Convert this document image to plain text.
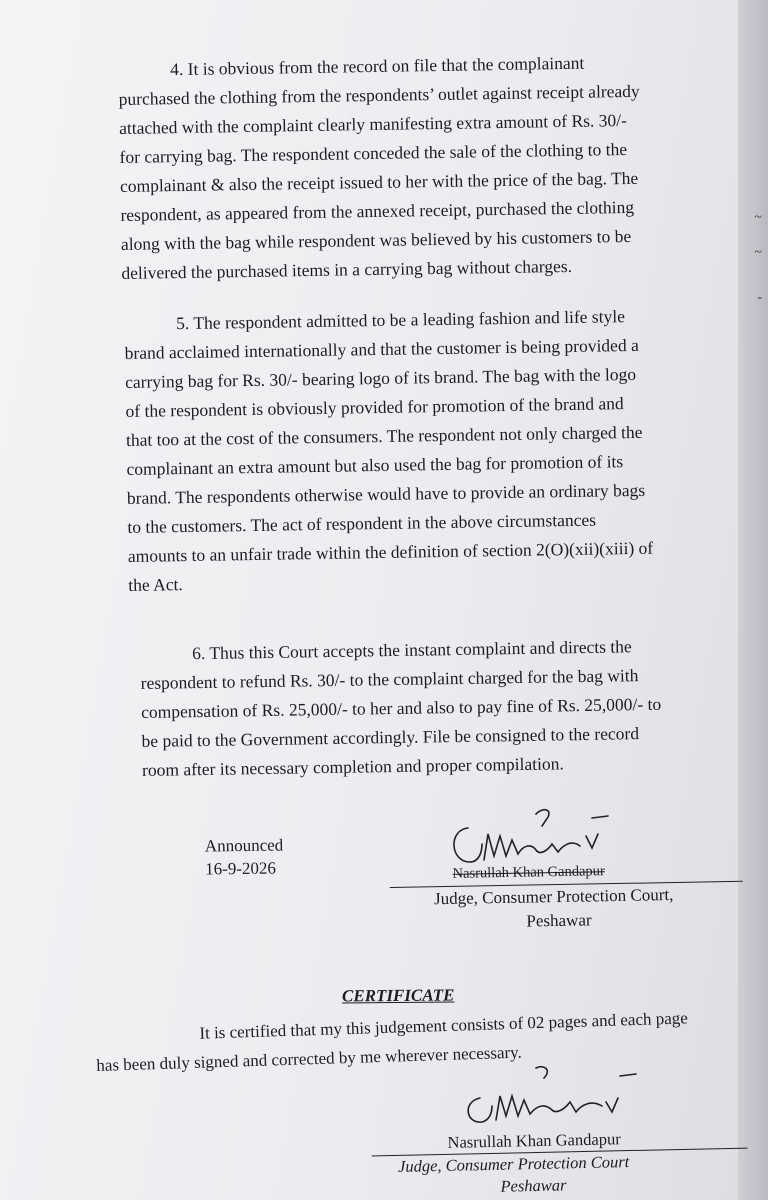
~
~
-
4. It is obvious from the record on file that the complainant
purchased the clothing from the respondents’ outlet against receipt already
attached with the complaint clearly manifesting extra amount of Rs. 30/-
for carrying bag. The respondent conceded the sale of the clothing to the
complainant & also the receipt issued to her with the price of the bag. The
respondent, as appeared from the annexed receipt, purchased the clothing
along with the bag while respondent was believed by his customers to be
delivered the purchased items in a carrying bag without charges.
5. The respondent admitted to be a leading fashion and life style
brand acclaimed internationally and that the customer is being provided a
carrying bag for Rs. 30/- bearing logo of its brand. The bag with the logo
of the respondent is obviously provided for promotion of the brand and
that too at the cost of the consumers. The respondent not only charged the
complainant an extra amount but also used the bag for promotion of its
brand. The respondents otherwise would have to provide an ordinary bags
to the customers. The act of respondent in the above circumstances
amounts to an unfair trade within the definition of section 2(O)(xii)(xiii) of
the Act.
6. Thus this Court accepts the instant complaint and directs the
respondent to refund Rs. 30/- to the complaint charged for the bag with
compensation of Rs. 25,000/- to her and also to pay fine of Rs. 25,000/- to
be paid to the Government accordingly. File be consigned to the record
room after its necessary completion and proper compilation.
Announced
16-9-2026	Nasrullah Khan Gandapur
Judge, Consumer Protection Court,
Peshawar
CERTIFICATE
It is certified that my this judgement consists of 02 pages and each page
has been duly signed and corrected by me wherever necessary.
Nasrullah Khan Gandapur
Judge, Consumer Protection Court
Peshawar
